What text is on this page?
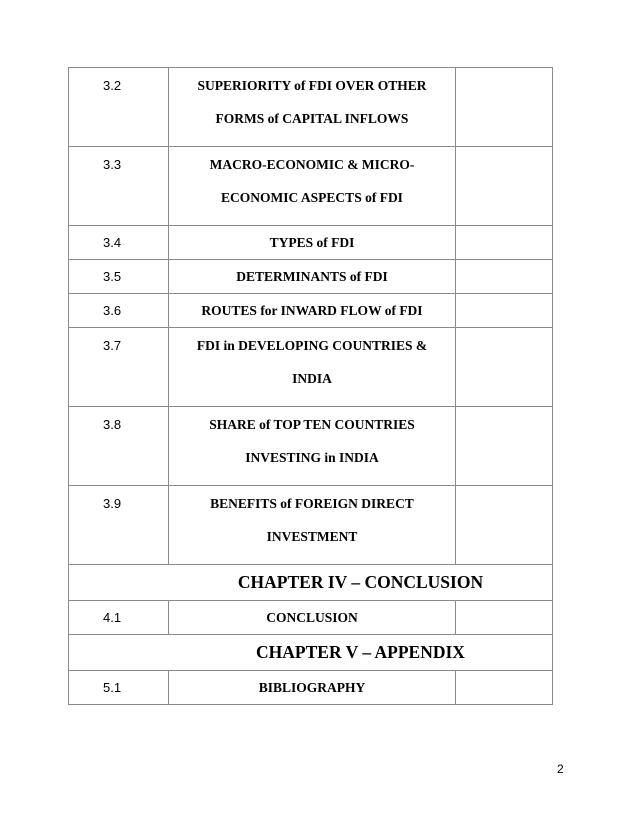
3.2	SUPERIORITY of FDI OVER OTHER
FORMS of CAPITAL INFLOWS	

3.3	MACRO-ECONOMIC & MICRO-
ECONOMIC ASPECTS of FDI	

3.4	TYPES of FDI	

3.5	DETERMINANTS of FDI	

3.6	ROUTES for INWARD FLOW of FDI	

3.7	FDI in DEVELOPING COUNTRIES &
INDIA	

3.8	SHARE of TOP TEN COUNTRIES
INVESTING in INDIA	

3.9	BENEFITS of FOREIGN DIRECT
INVESTMENT	

CHAPTER IV – CONCLUSION		
4.1	CONCLUSION	

CHAPTER V – APPENDIX		
5.1	BIBLIOGRAPHY	

2
